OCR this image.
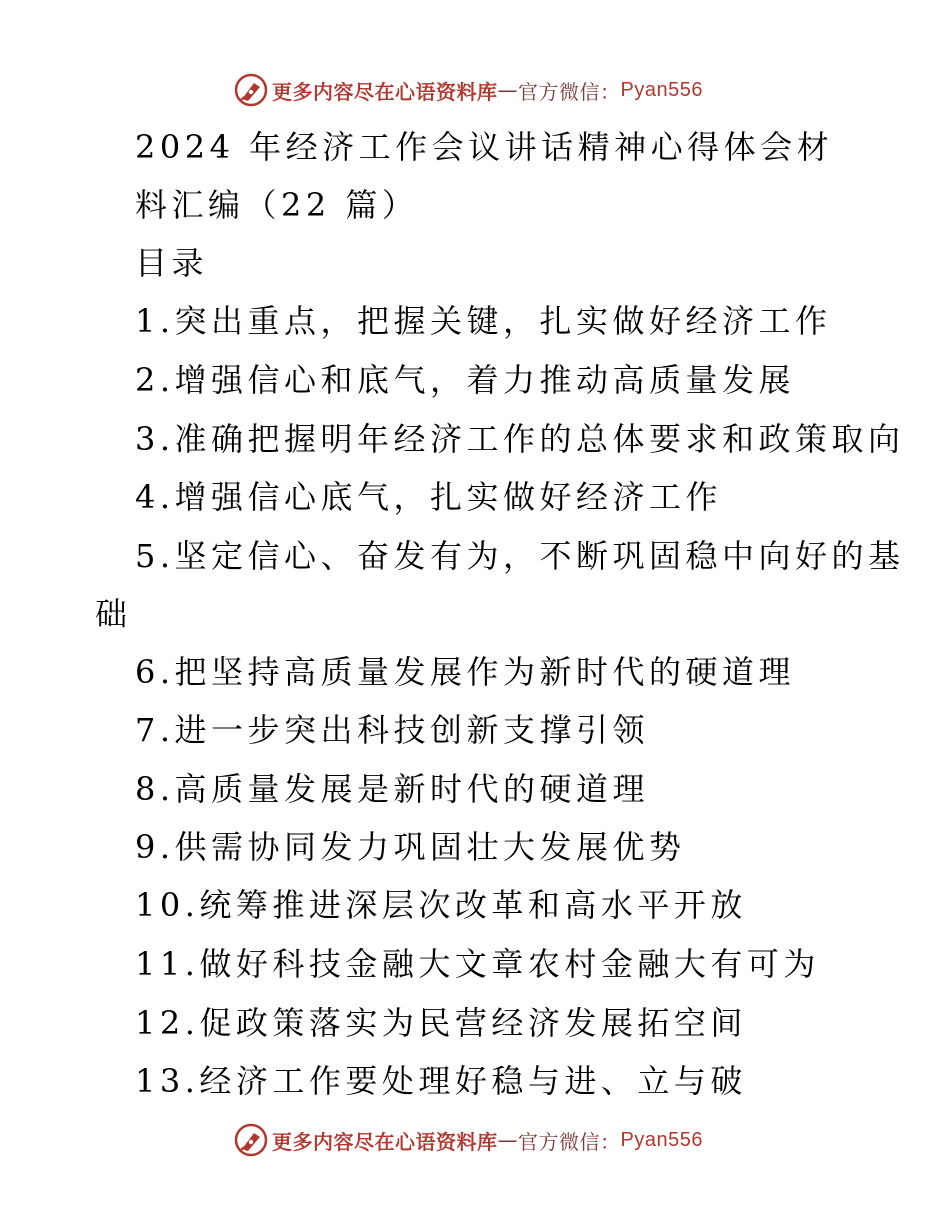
更多内容尽在心语资料库 — 官方微信： Pyan556
2024 年经济工作会议讲话精神心得体会材
料汇编（22 篇）
目录
1.突出重点，把握关键，扎实做好经济工作
2.增强信心和底气，着力推动高质量发展
3.准确把握明年经济工作的总体要求和政策取向
4.增强信心底气，扎实做好经济工作
5.坚定信心、奋发有为，不断巩固稳中向好的基
础
6.把坚持高质量发展作为新时代的硬道理
7.进一步突出科技创新支撑引领
8.高质量发展是新时代的硬道理
9.供需协同发力巩固壮大发展优势
10.统筹推进深层次改革和高水平开放
11.做好科技金融大文章农村金融大有可为
12.促政策落实为民营经济发展拓空间
13.经济工作要处理好稳与进、立与破
更多内容尽在心语资料库 — 官方微信： Pyan556
